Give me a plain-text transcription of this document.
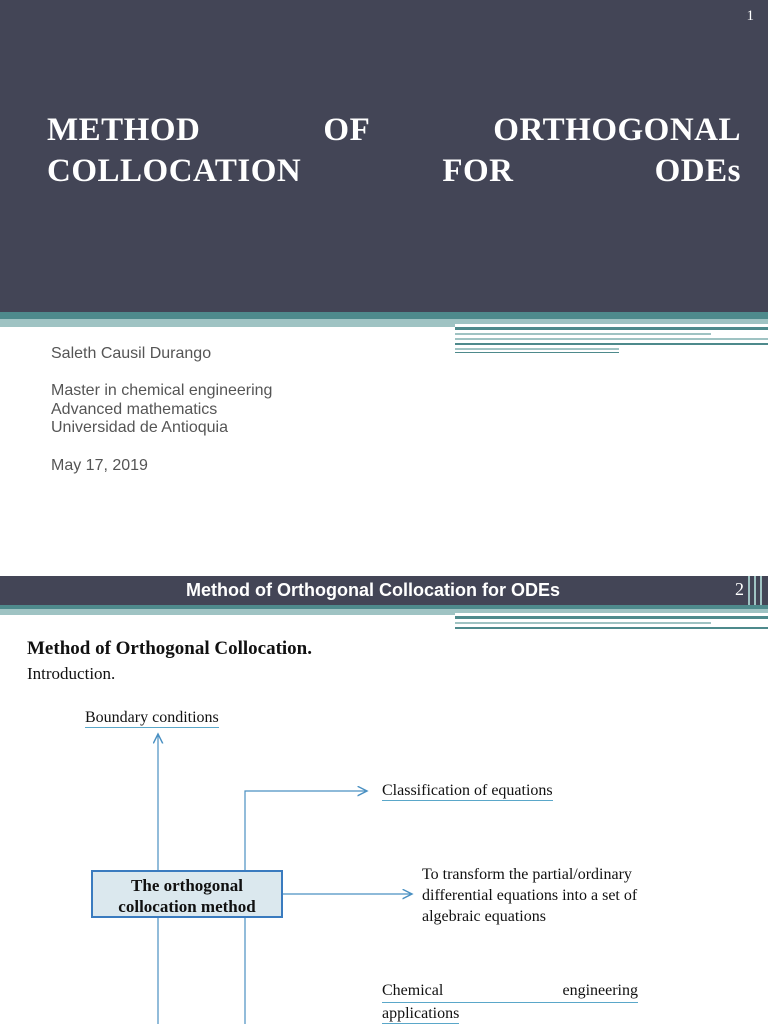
1
METHOD	OF	ORTHOGONAL
COLLOCATION	FOR	ODEs
Saleth Causil Durango
Master in chemical engineering
Advanced mathematics
Universidad de Antioquia
May 17, 2019
Method of Orthogonal Collocation for ODEs	2
Method of Orthogonal Collocation.
Introduction.
Boundary conditions
Classification of equations
The orthogonal
collocation method
To transform the partial/ordinary
differential equations into a set of
algebraic equations
Chemical	engineering
applications
